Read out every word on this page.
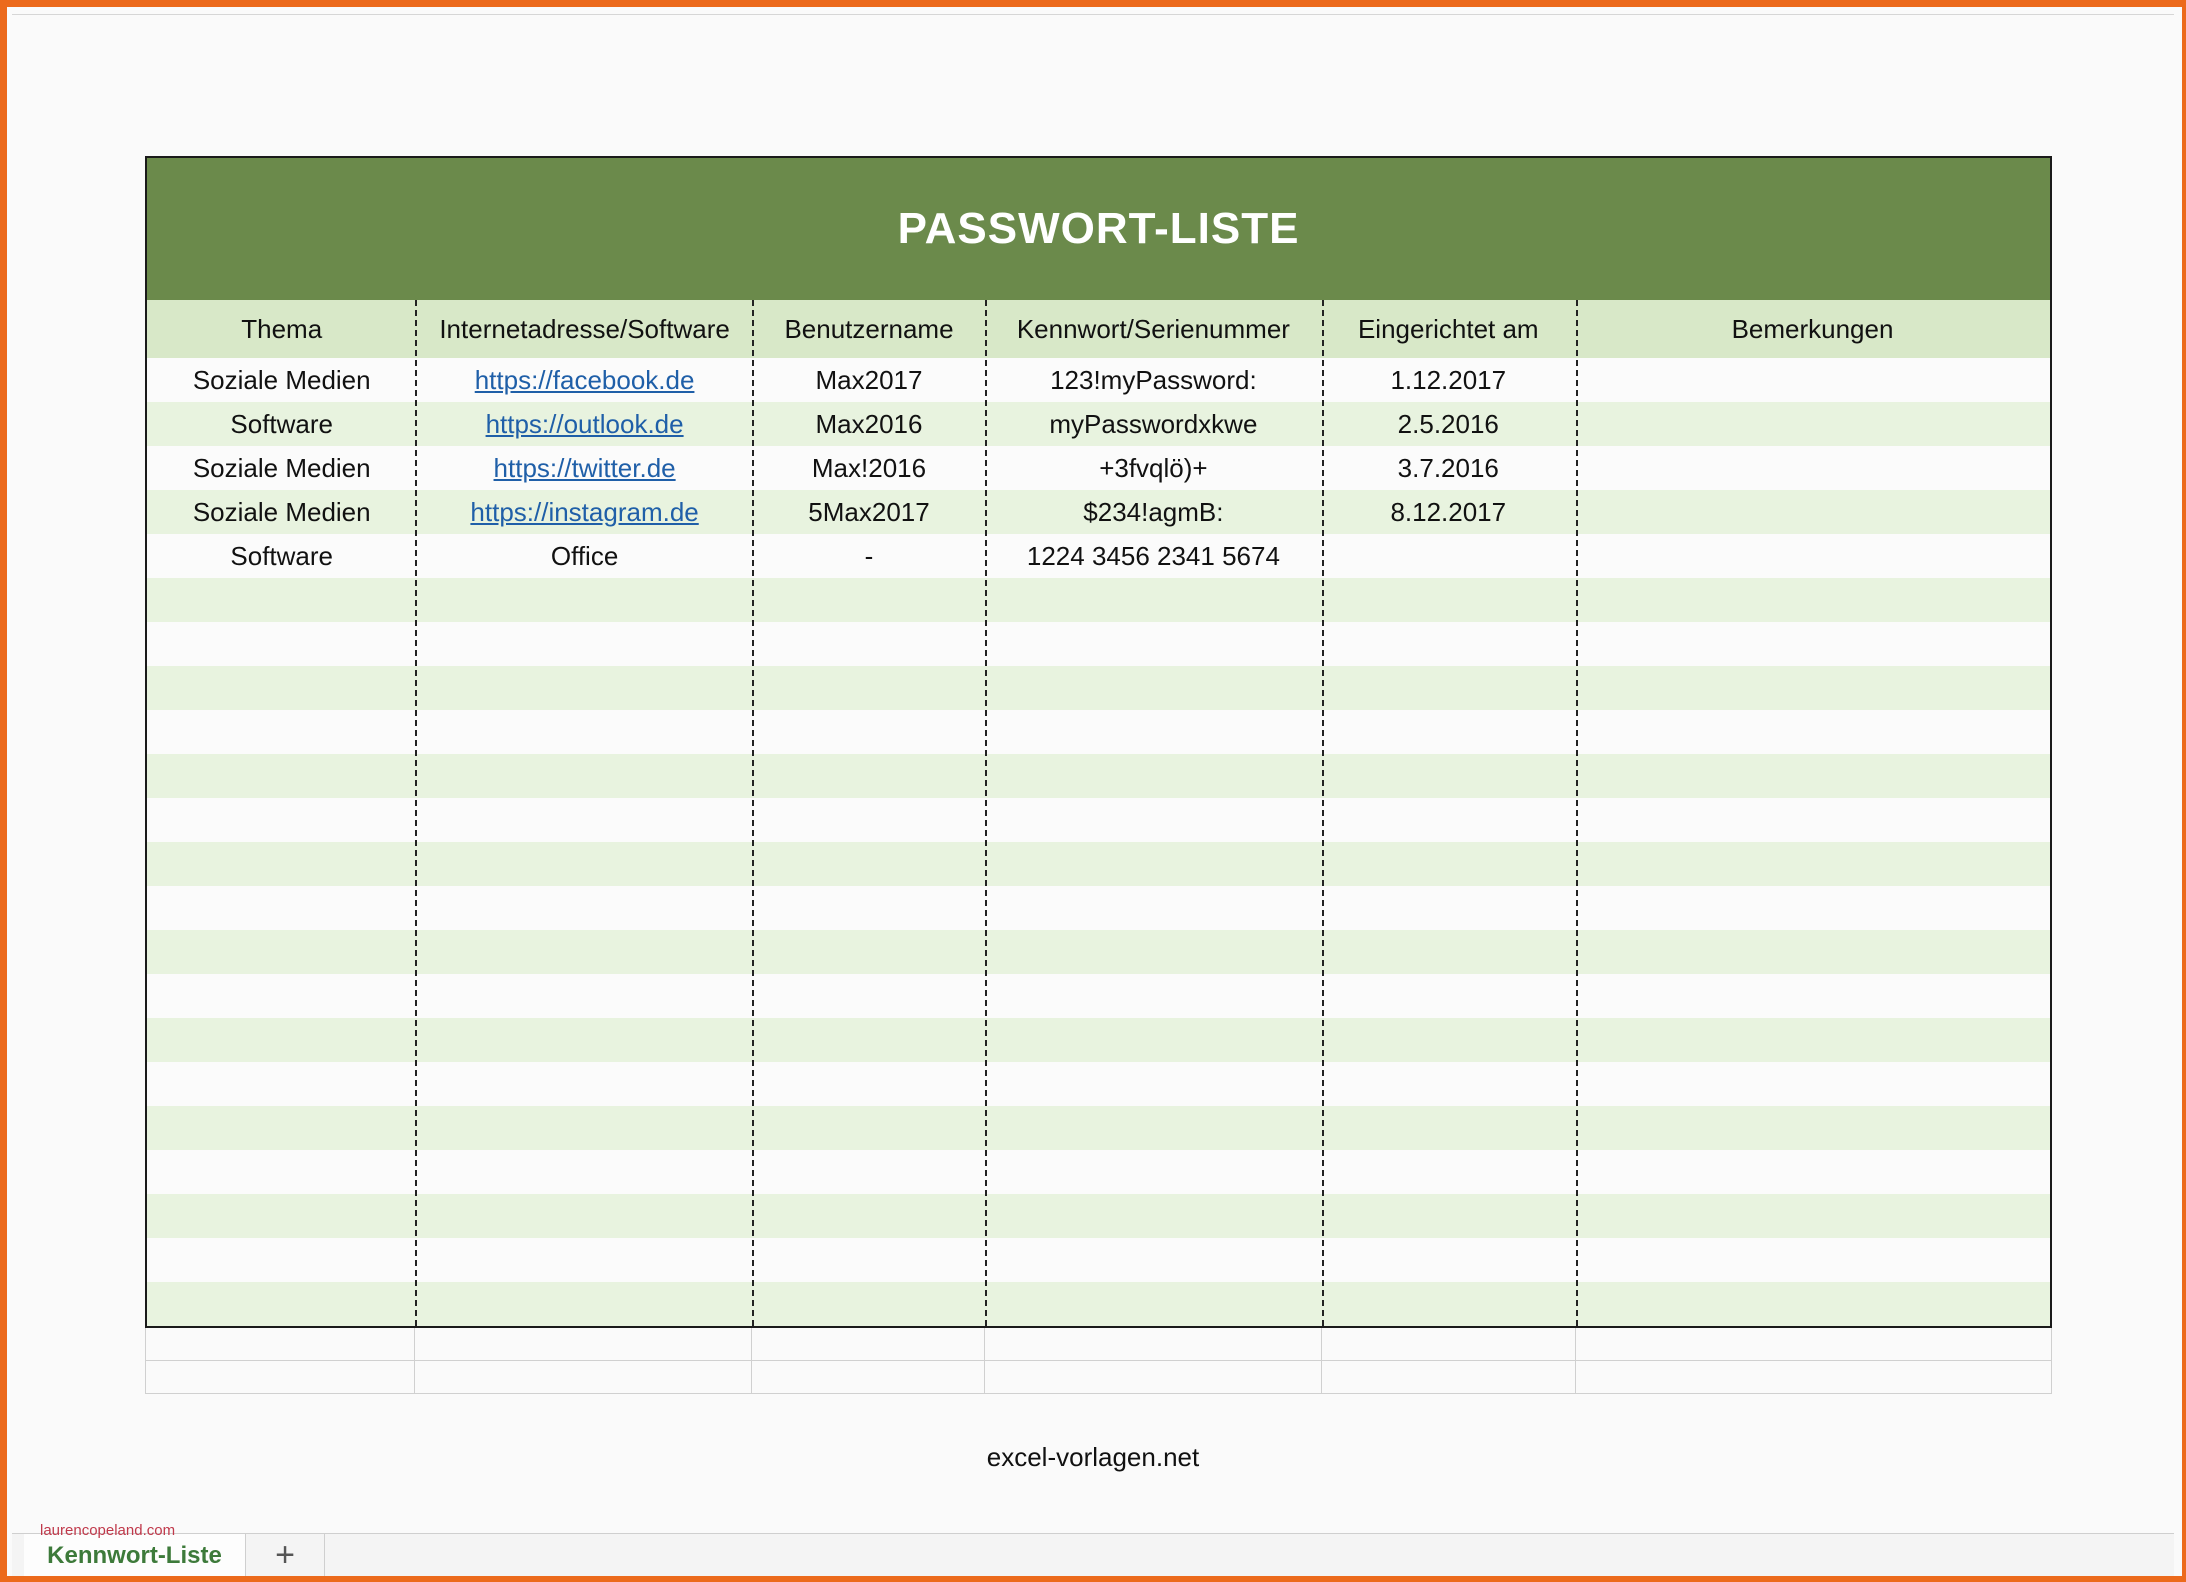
PASSWORT-LISTE
Thema	Internetadresse/Software	Benutzername	Kennwort/Serienummer	Eingerichtet am	Bemerkungen
Soziale Medien	https://facebook.de	Max2017	123!myPassword:	1.12.2017
Software	https://outlook.de	Max2016	myPasswordxkwe	2.5.2016
Soziale Medien	https://twitter.de	Max!2016	+3fvqlö)+	3.7.2016
Soziale Medien	https://instagram.de	5Max2017	$234!agmB:	8.12.2017
Software	Office	-	1224 3456 2341 5674
excel-vorlagen.net
laurencopeland.com
Kennwort-Liste	+
